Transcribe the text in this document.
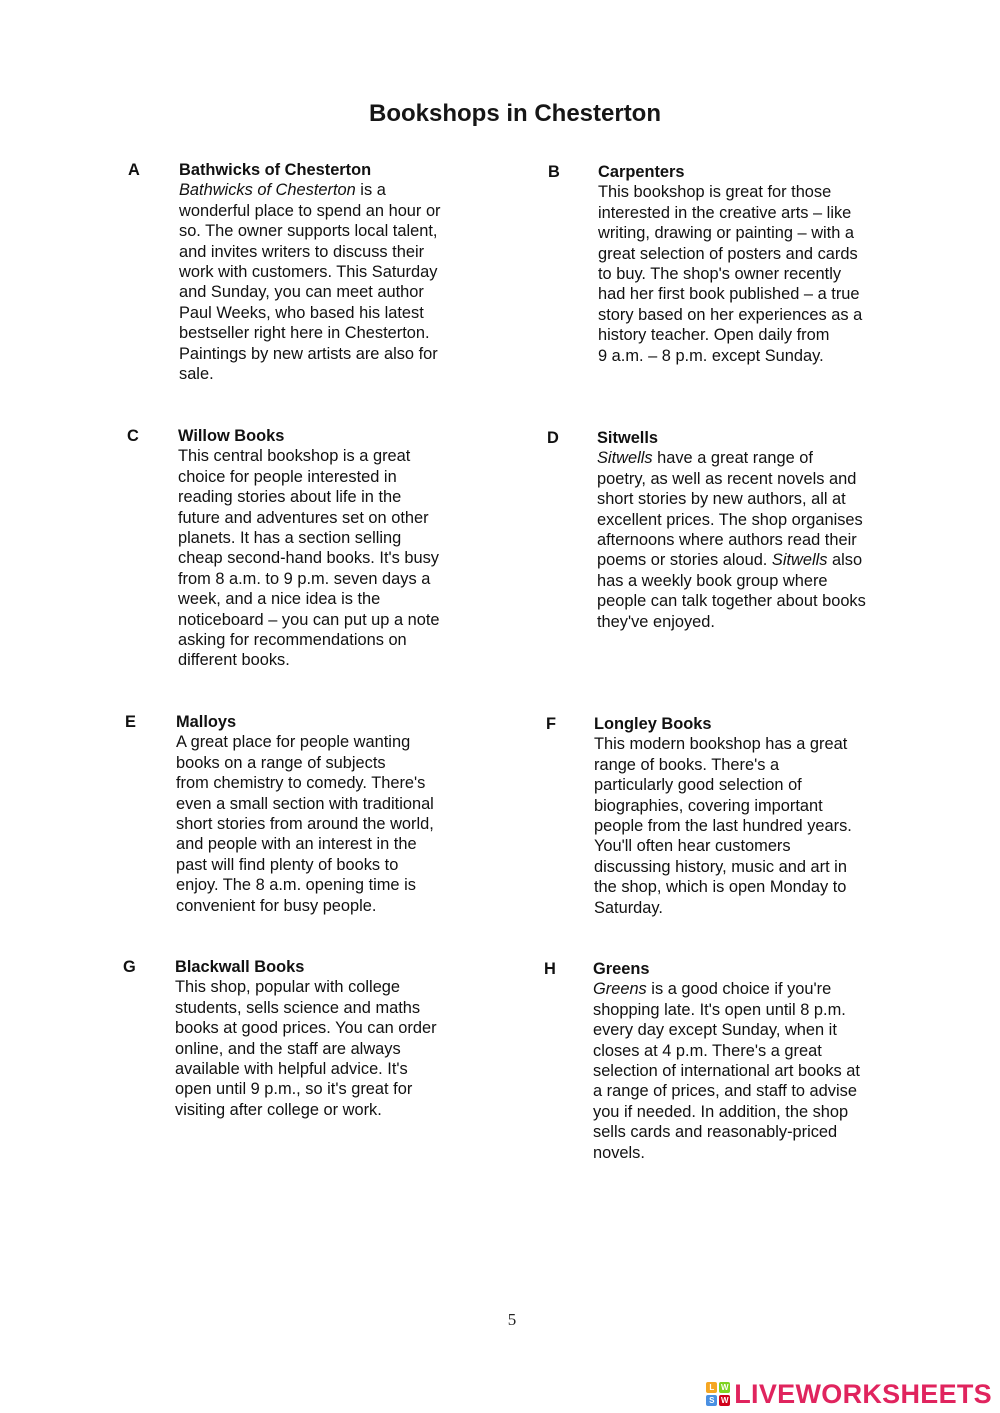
Bookshops in Chesterton
A Bathwicks of Chesterton
Bathwicks of Chesterton is a
wonderful place to spend an hour or
so. The owner supports local talent,
and invites writers to discuss their
work with customers. This Saturday
and Sunday, you can meet author
Paul Weeks, who based his latest
bestseller right here in Chesterton.
Paintings by new artists are also for
sale.
B Carpenters
This bookshop is great for those
interested in the creative arts – like
writing, drawing or painting – with a
great selection of posters and cards
to buy. The shop's owner recently
had her first book published – a true
story based on her experiences as a
history teacher. Open daily from
9 a.m. – 8 p.m. except Sunday.
C Willow Books
This central bookshop is a great
choice for people interested in
reading stories about life in the
future and adventures set on other
planets. It has a section selling
cheap second-hand books. It's busy
from 8 a.m. to 9 p.m. seven days a
week, and a nice idea is the
noticeboard – you can put up a note
asking for recommendations on
different books.
D Sitwells
Sitwells have a great range of
poetry, as well as recent novels and
short stories by new authors, all at
excellent prices. The shop organises
afternoons where authors read their
poems or stories aloud. Sitwells also
has a weekly book group where
people can talk together about books
they've enjoyed.
E Malloys
A great place for people wanting
books on a range of subjects
from chemistry to comedy. There's
even a small section with traditional
short stories from around the world,
and people with an interest in the
past will find plenty of books to
enjoy. The 8 a.m. opening time is
convenient for busy people.
F Longley Books
This modern bookshop has a great
range of books. There's a
particularly good selection of
biographies, covering important
people from the last hundred years.
You'll often hear customers
discussing history, music and art in
the shop, which is open Monday to
Saturday.
G Blackwall Books
This shop, popular with college
students, sells science and maths
books at good prices. You can order
online, and the staff are always
available with helpful advice. It's
open until 9 p.m., so it's great for
visiting after college or work.
H Greens
Greens is a good choice if you're
shopping late. It's open until 8 p.m.
every day except Sunday, when it
closes at 4 p.m. There's a great
selection of international art books at
a range of prices, and staff to advise
you if needed. In addition, the shop
sells cards and reasonably-priced
novels.
5
L W
S W LIVEWORKSHEETS
